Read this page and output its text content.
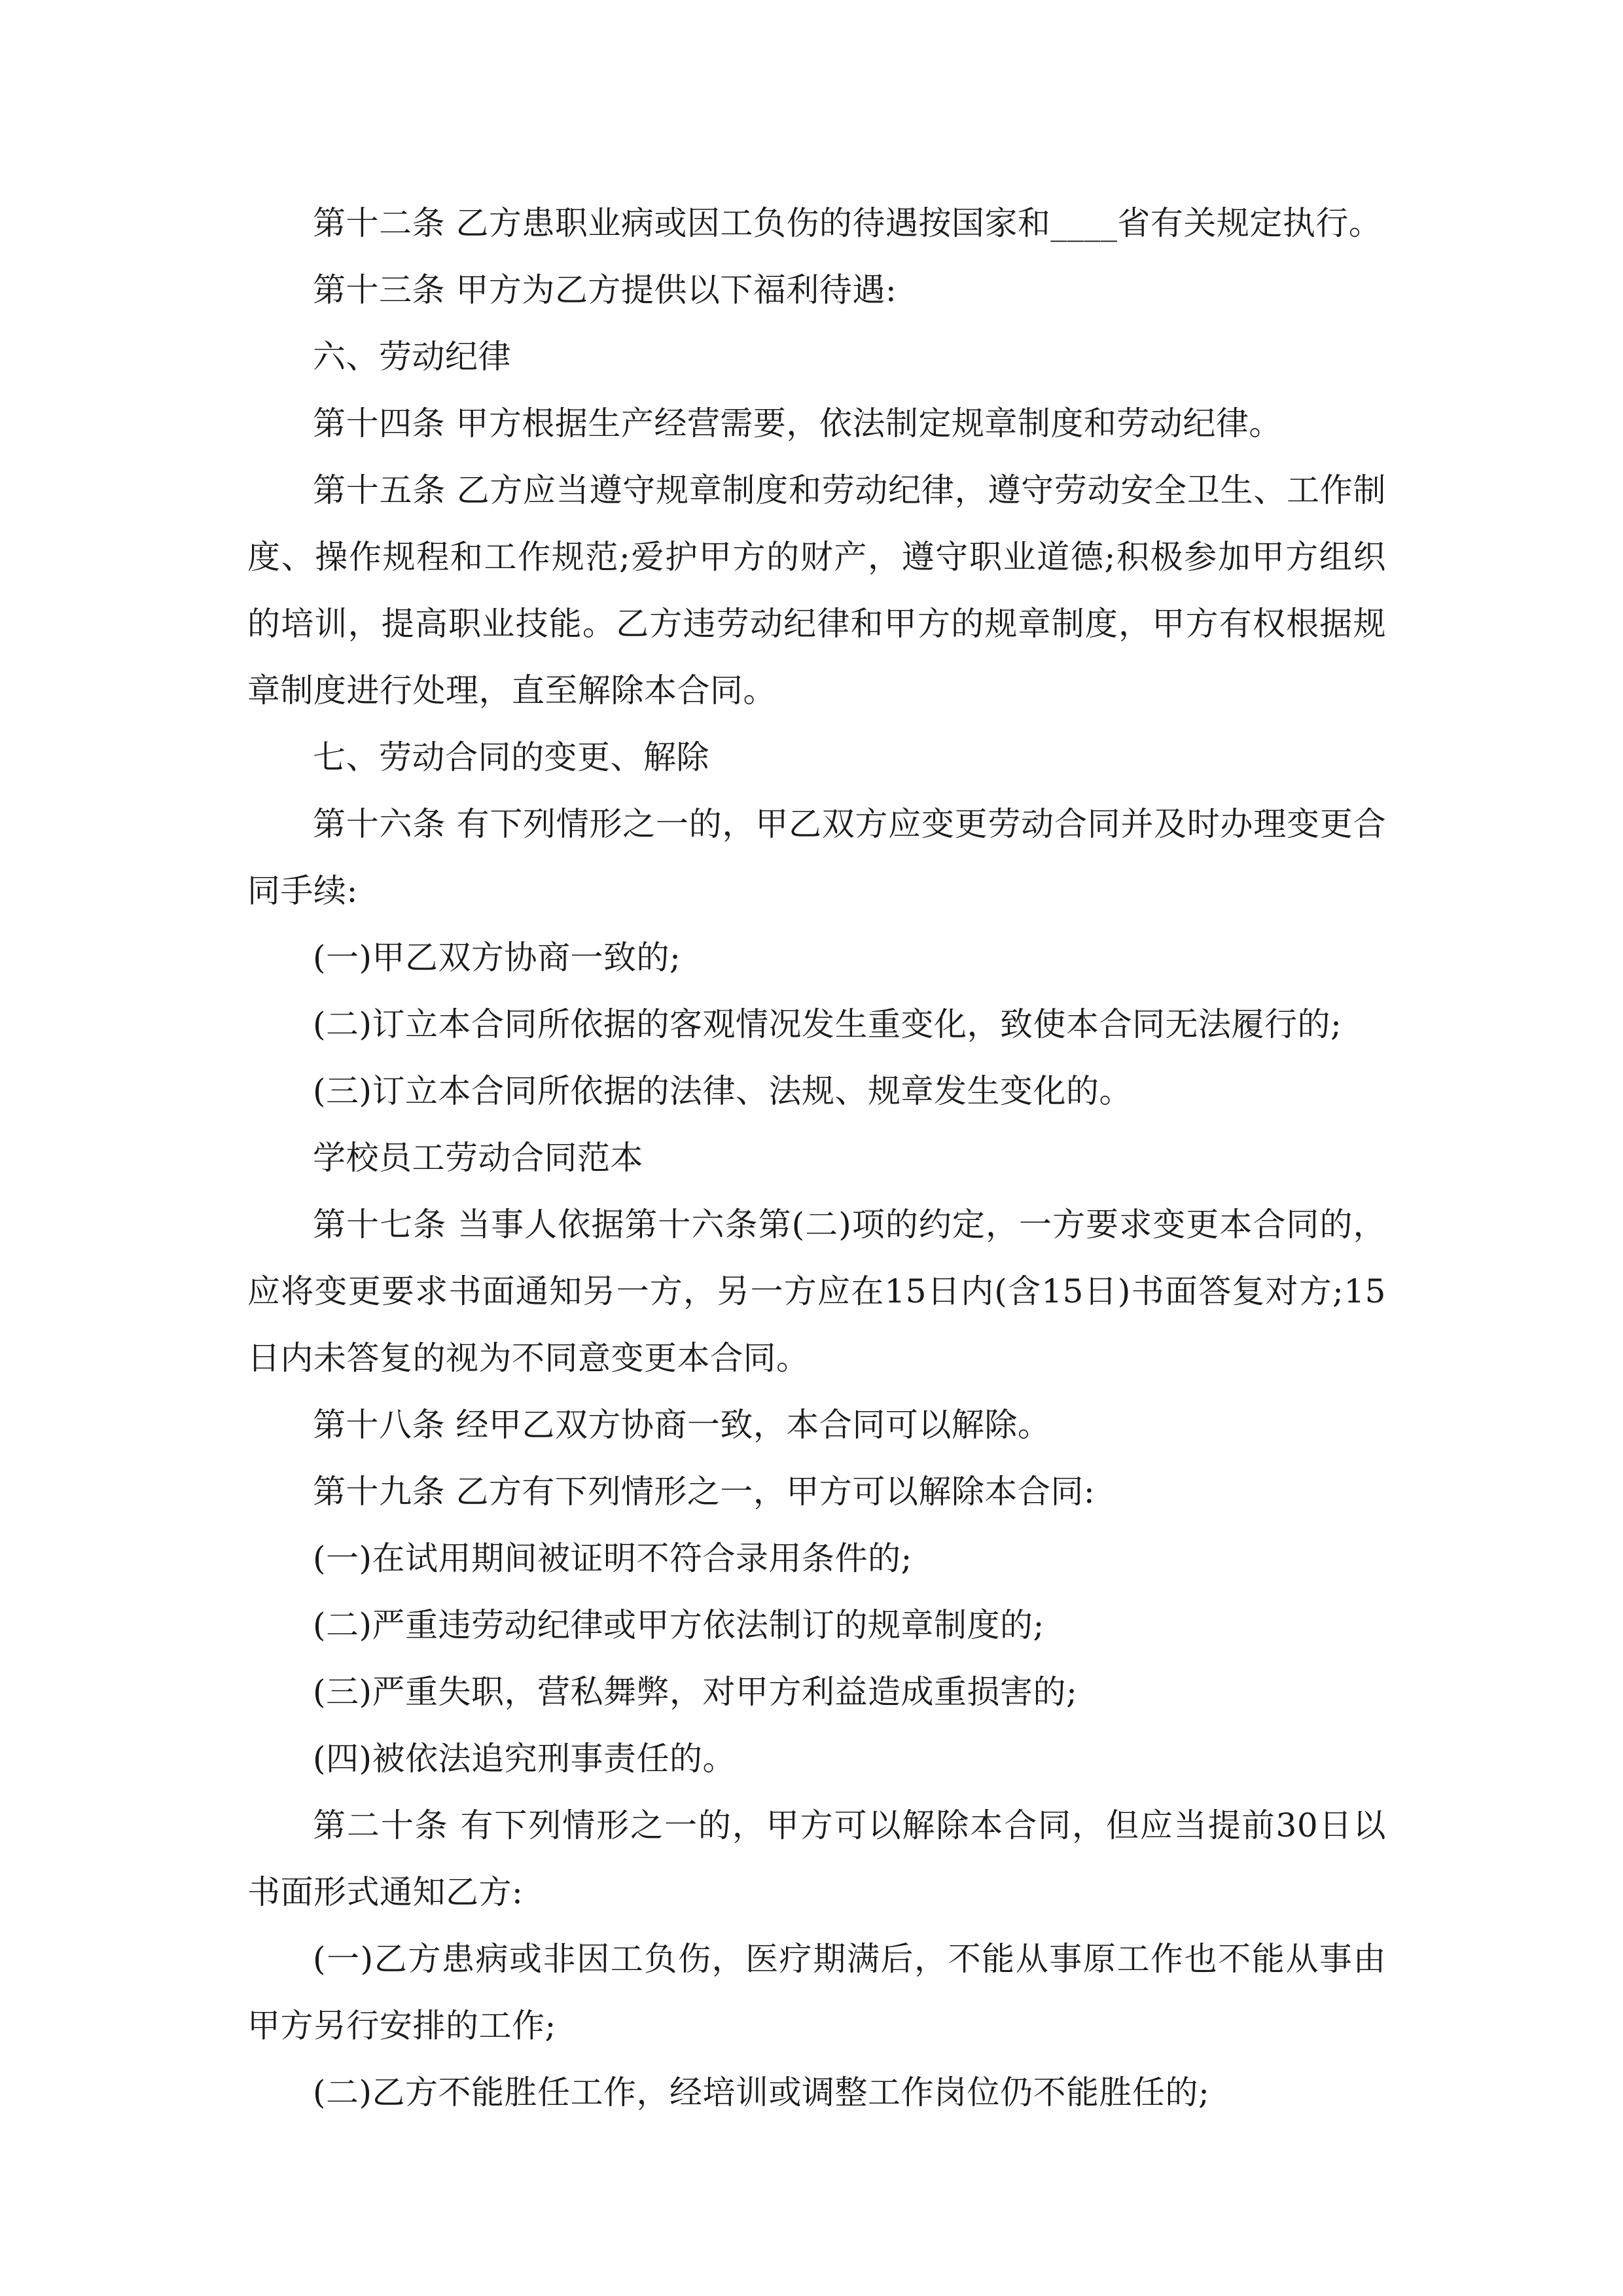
第十二条 乙方患职业病或因工负伤的待遇按国家和____省有关规定执行。

第十三条 甲方为乙方提供以下福利待遇:

六、劳动纪律

第十四条 甲方根据生产经营需要，依法制定规章制度和劳动纪律。

第十五条 乙方应当遵守规章制度和劳动纪律，遵守劳动安全卫生、工作制度、操作规程和工作规范;爱护甲方的财产，遵守职业道德;积极参加甲方组织的培训，提高职业技能。乙方违劳动纪律和甲方的规章制度，甲方有权根据规章制度进行处理，直至解除本合同。

七、劳动合同的变更、解除

第十六条 有下列情形之一的，甲乙双方应变更劳动合同并及时办理变更合同手续:

(一)甲乙双方协商一致的;

(二)订立本合同所依据的客观情况发生重变化，致使本合同无法履行的;

(三)订立本合同所依据的法律、法规、规章发生变化的。

学校员工劳动合同范本

第十七条 当事人依据第十六条第(二)项的约定，一方要求变更本合同的，应将变更要求书面通知另一方，另一方应在15日内(含15日)书面答复对方;15日内未答复的视为不同意变更本合同。

第十八条 经甲乙双方协商一致，本合同可以解除。

第十九条 乙方有下列情形之一，甲方可以解除本合同:

(一)在试用期间被证明不符合录用条件的;

(二)严重违劳动纪律或甲方依法制订的规章制度的;

(三)严重失职，营私舞弊，对甲方利益造成重损害的;

(四)被依法追究刑事责任的。

第二十条 有下列情形之一的，甲方可以解除本合同，但应当提前30日以书面形式通知乙方:

(一)乙方患病或非因工负伤，医疗期满后，不能从事原工作也不能从事由甲方另行安排的工作;

(二)乙方不能胜任工作，经培训或调整工作岗位仍不能胜任的;
